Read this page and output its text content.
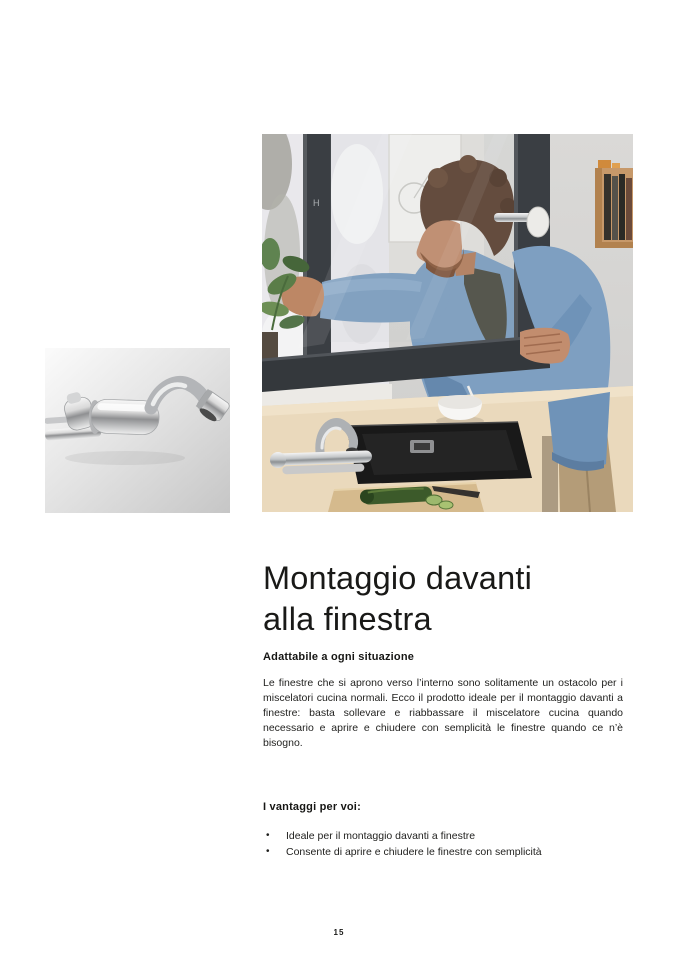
H
Montaggio davanti
alla finestra
Adattabile a ogni situazione

Le finestre che si aprono verso l’interno sono solitamente un ostacolo per i miscelatori cucina normali. Ecco il prodotto ideale per il montaggio davanti a finestre: basta sollevare e riabbassare il miscelatore cucina quando necessario e aprire e chiudere con semplicità le finestre quando ce n’è bisogno.

I vantaggi per voi:
• Ideale per il montaggio davanti a finestre
• Consente di aprire e chiudere le finestre con semplicità
15
